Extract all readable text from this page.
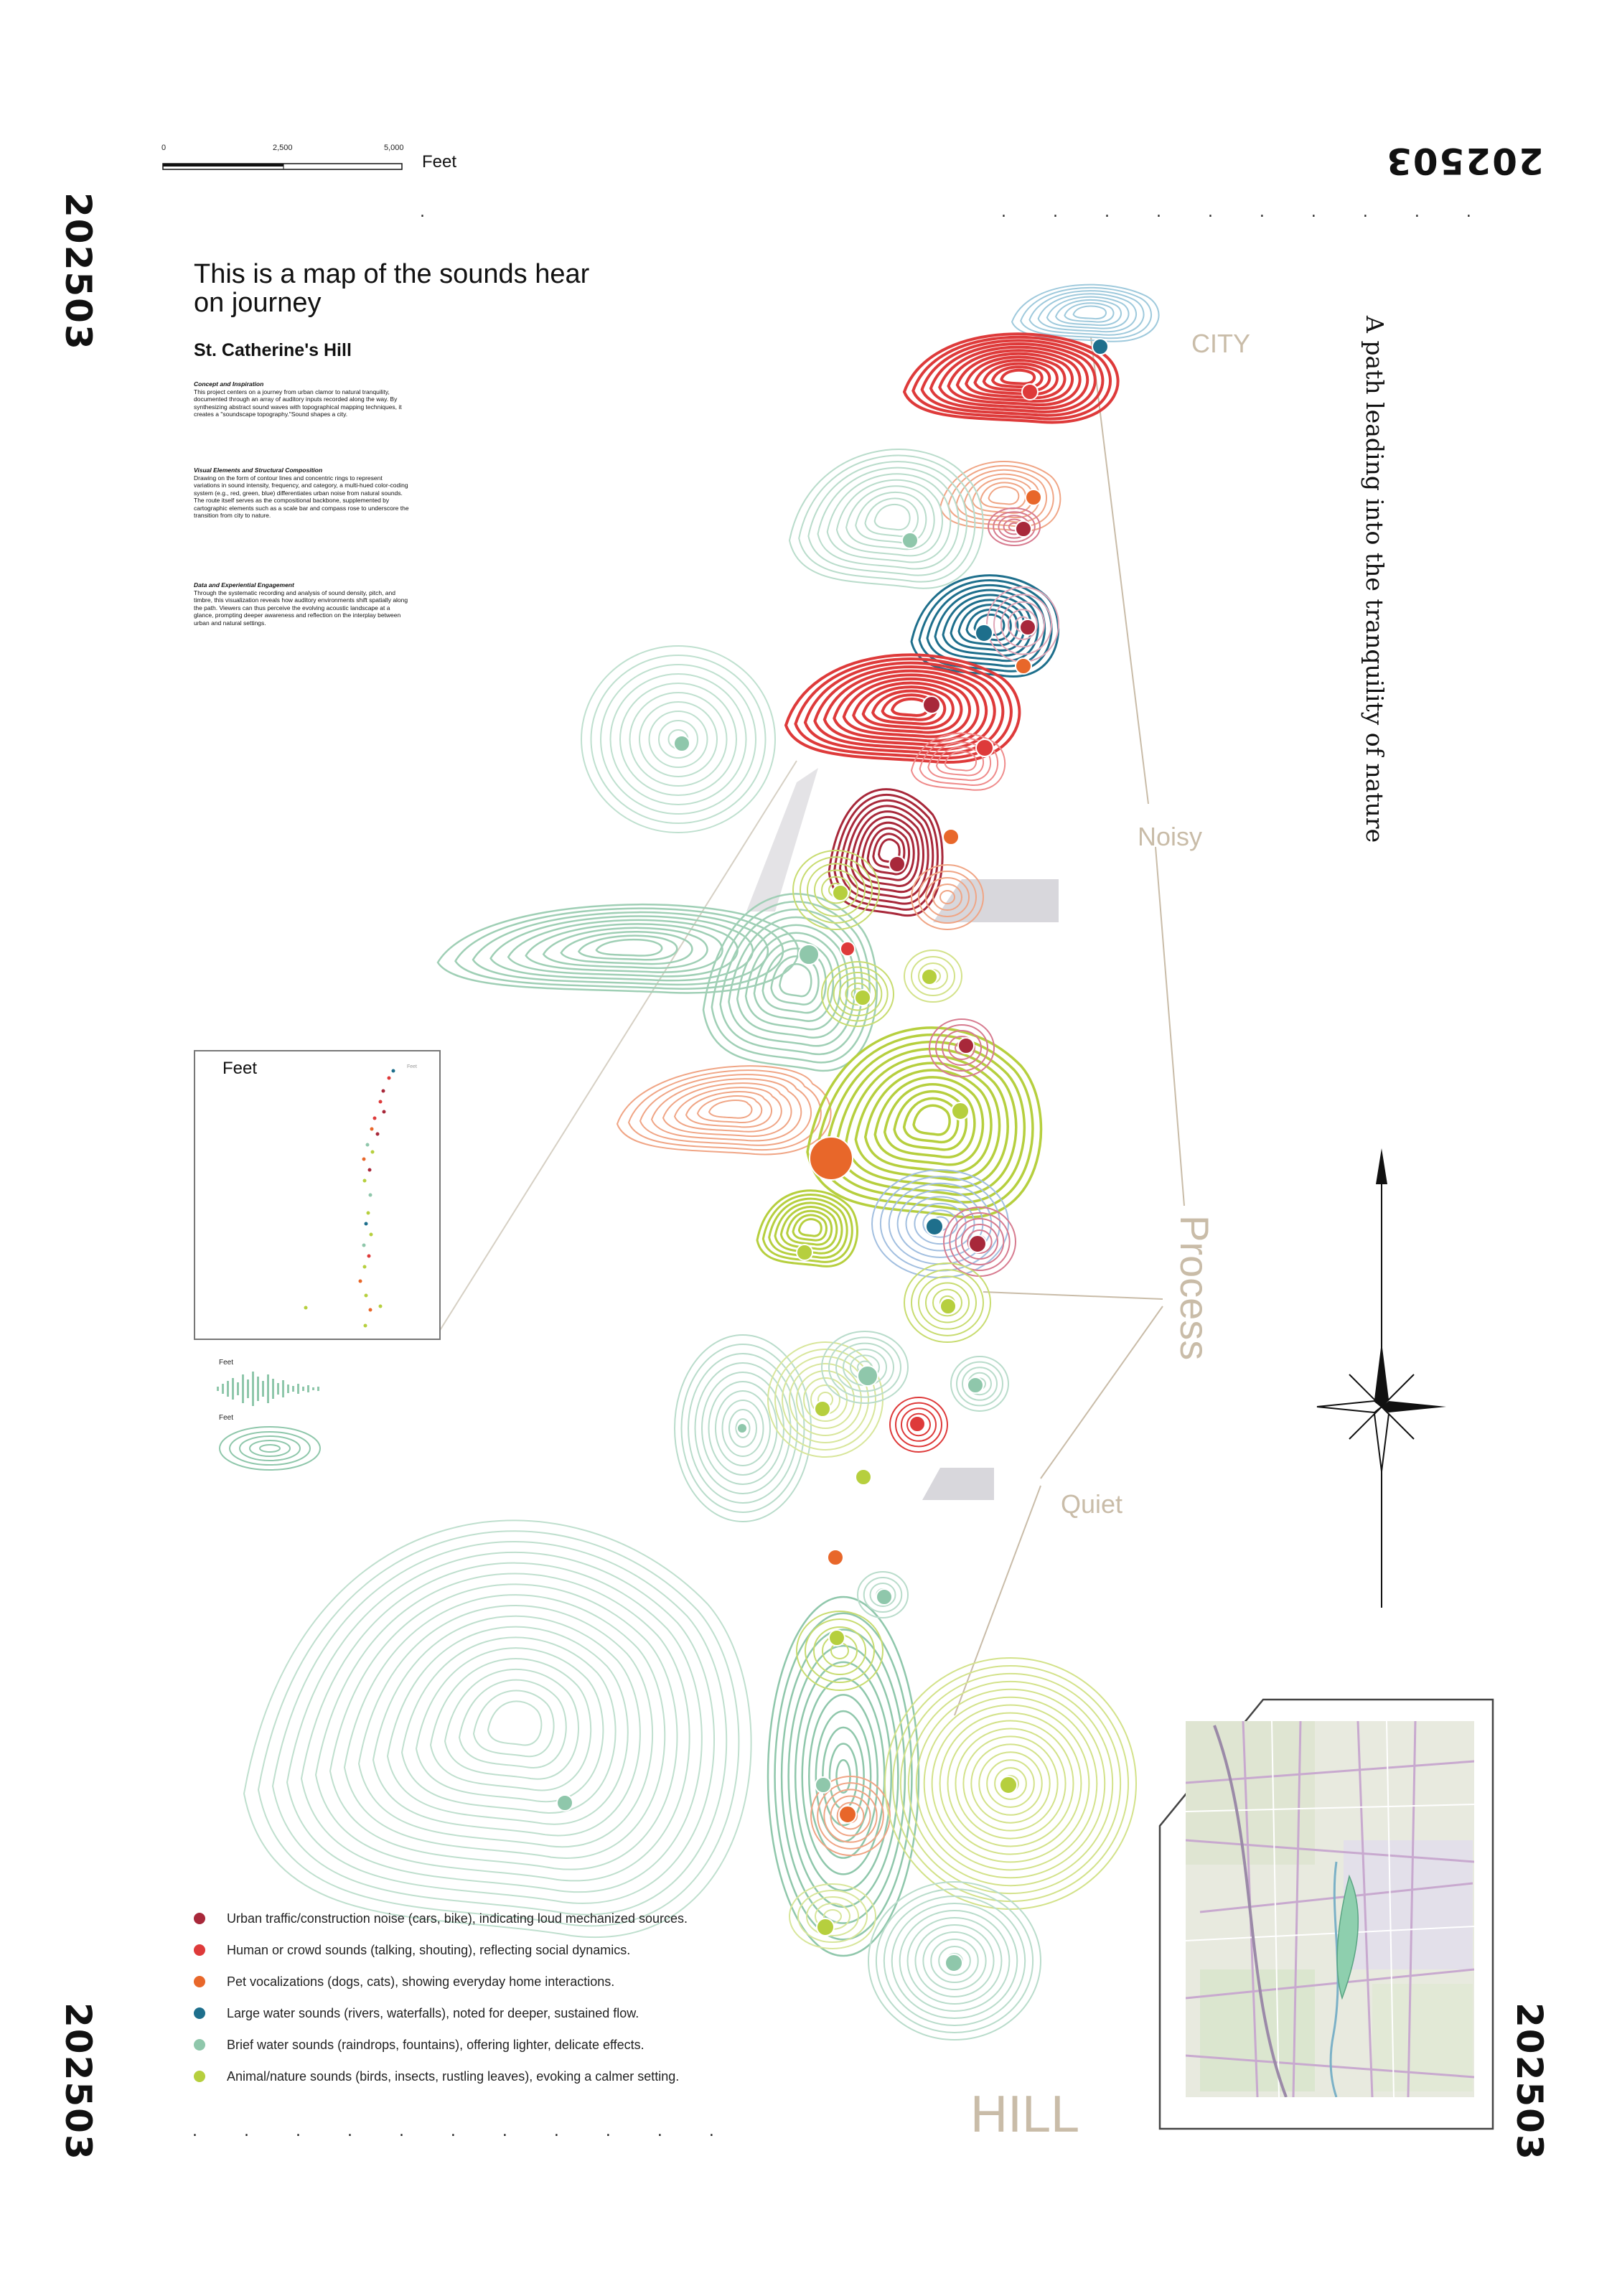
202503
202503
202503	202503
.	. . . . . . . . . .
. . . . . . . . . . .
0	2,500	5,000
Feet
This is a map of the sounds hear on journey
St. Catherine's Hill
Concept and Inspiration
This project centers on a journey from urban clamor to natural tranquility, documented through an array of auditory inputs recorded along the way. By synthesizing abstract sound waves with topographical mapping techniques, it creates a "soundscape topography."Sound shapes a city.
Visual Elements and Structural Composition
Drawing on the form of contour lines and concentric rings to represent variations in sound intensity, frequency, and category, a multi-hued color-coding system (e.g., red, green, blue) differentiates urban noise from natural sounds. The route itself serves as the compositional backbone, supplemented by cartographic elements such as a scale bar and compass rose to underscore the transition from city to nature.
Data and Experiential Engagement
Through the systematic recording and analysis of sound density, pitch, and timbre, this visualization reveals how auditory environments shift spatially along the path. Viewers can thus perceive the evolving acoustic landscape at a glance, prompting deeper awareness and reflection on the interplay between urban and natural settings.
CITY
Noisy
Process
Quiet
HILL
A path leading into the tranquility of nature
Feet	Feet
Feet
Feet
Urban traffic/construction noise (cars, bike), indicating loud mechanized sources.
Human or crowd sounds (talking, shouting), reflecting social dynamics.
Pet vocalizations (dogs, cats), showing everyday home interactions.
Large water sounds (rivers, waterfalls), noted for deeper, sustained flow.
Brief water sounds (raindrops, fountains), offering lighter, delicate effects.
Animal/nature sounds (birds, insects, rustling leaves), evoking a calmer setting.
